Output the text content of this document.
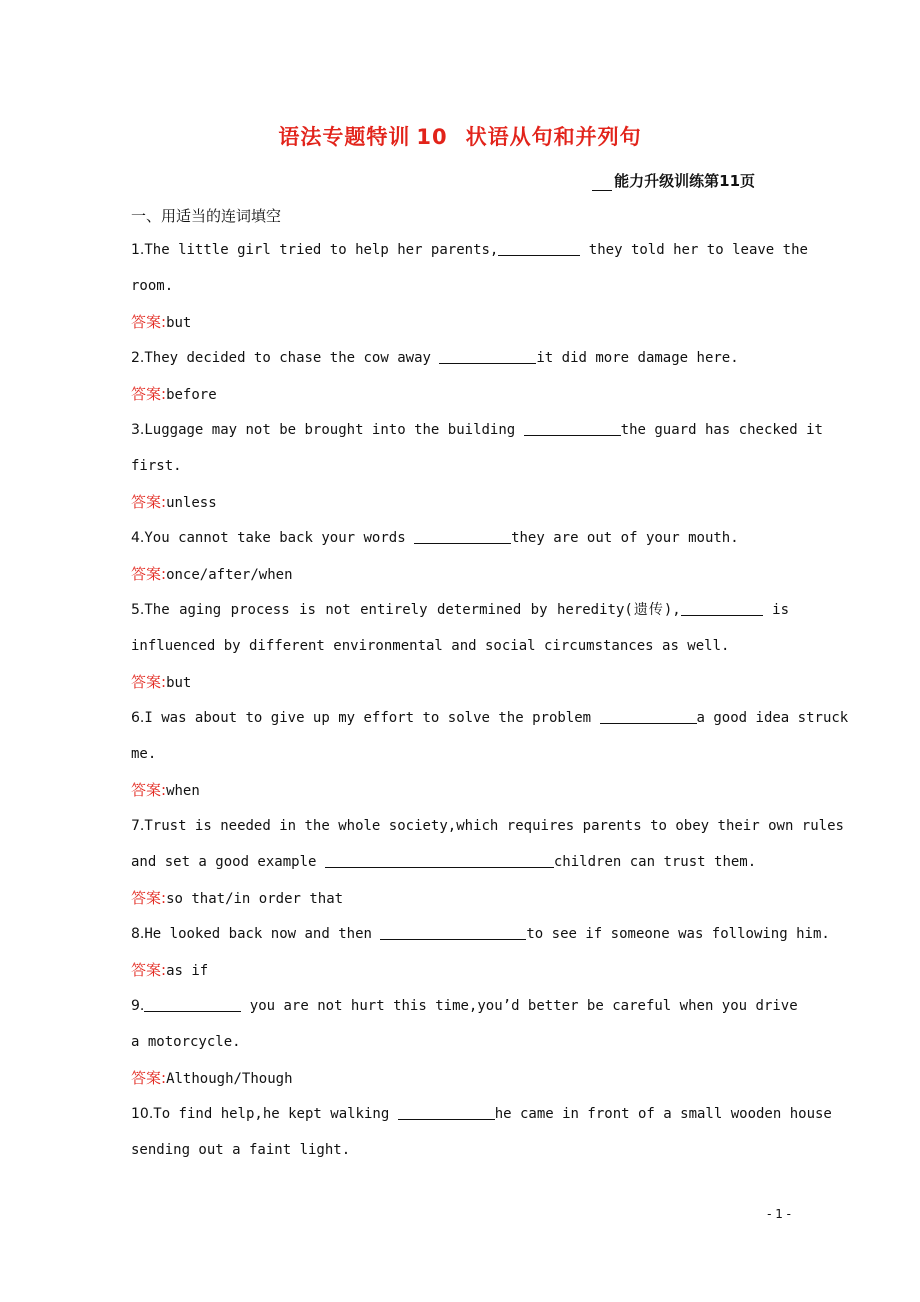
语法专题特训 10 状语从句和并列句
能力升级训练第11页
一、用适当的连词填空
1.The little girl tried to help her parents,	they told her to leave the
room.
答案:but
2.They decided to chase the cow away	it did more damage here.
答案:before
3.Luggage may not be brought into the building	the guard has checked it
first.
答案:unless
4.You cannot take back your words	they are out of your mouth.
答案:once/after/when
5.The aging process is not entirely determined by heredity(遗传),	is
influenced by different environmental and social circumstances as well.
答案:but
6.I was about to give up my effort to solve the problem	a good idea struck
me.
答案:when
7.Trust is needed in the whole society,which requires parents to obey their own rules
and set a good example	children can trust them.
答案:so that/in order that
8.He looked back now and then	to see if someone was following him.
答案:as if
9.	you are not hurt this time,you’d better be careful when you drive
a motorcycle.
答案:Although/Though
10.To find help,he kept walking	he came in front of a small wooden house
sending out a faint light.
- 1 -
